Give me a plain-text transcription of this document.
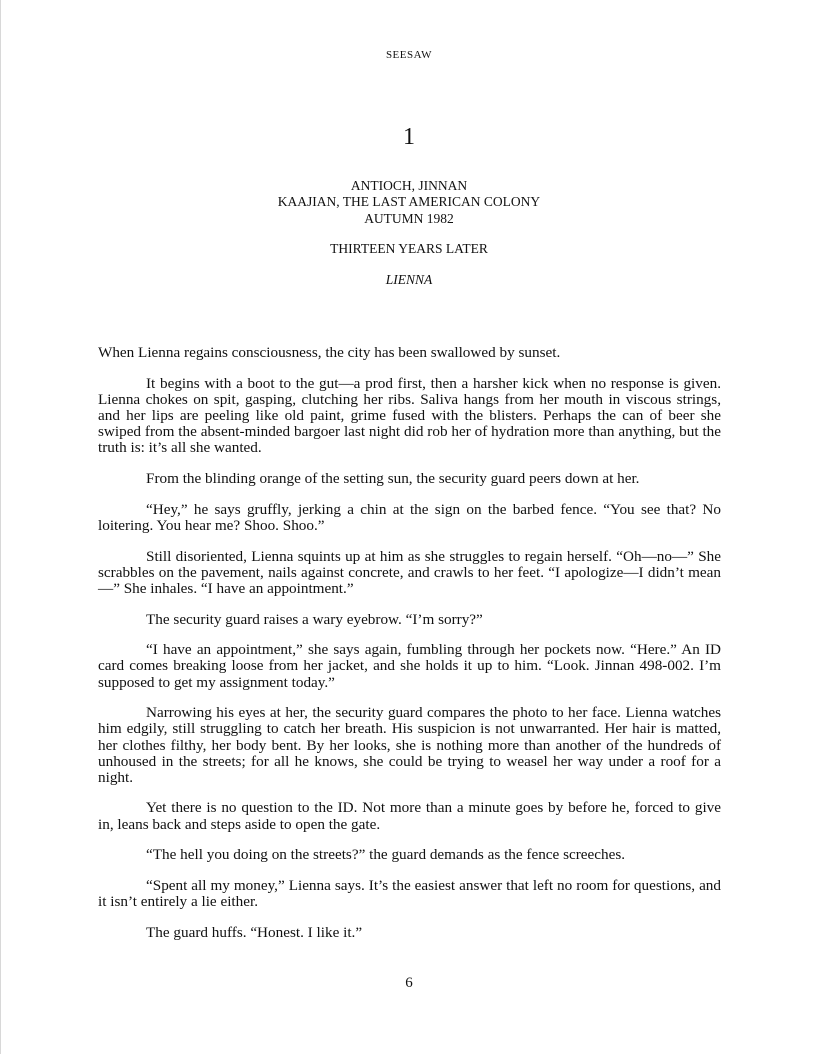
SEESAW
1
ANTIOCH, JINNAN
KAAJIAN, THE LAST AMERICAN COLONY
AUTUMN 1982
THIRTEEN YEARS LATER
LIENNA

When Lienna regains consciousness, the city has been swallowed by sunset.

It begins with a boot to the gut—a prod first, then a harsher kick when no response is given. Lienna chokes on spit, gasping, clutching her ribs. Saliva hangs from her mouth in viscous strings, and her lips are peeling like old paint, grime fused with the blisters. Perhaps the can of beer she swiped from the absent-minded bargoer last night did rob her of hydration more than anything, but the truth is: it’s all she wanted.

From the blinding orange of the setting sun, the security guard peers down at her.

“Hey,” he says gruffly, jerking a chin at the sign on the barbed fence. “You see that? No loitering. You hear me? Shoo. Shoo.”

Still disoriented, Lienna squints up at him as she struggles to regain herself. “Oh—no—” She scrabbles on the pavement, nails against concrete, and crawls to her feet. “I apologize—I didn’t mean—” She inhales. “I have an appointment.”

The security guard raises a wary eyebrow. “I’m sorry?”

“I have an appointment,” she says again, fumbling through her pockets now. “Here.” An ID card comes breaking loose from her jacket, and she holds it up to him. “Look. Jinnan 498-002. I’m supposed to get my assignment today.”

Narrowing his eyes at her, the security guard compares the photo to her face. Lienna watches him edgily, still struggling to catch her breath. His suspicion is not unwarranted. Her hair is matted, her clothes filthy, her body bent. By her looks, she is nothing more than another of the hundreds of unhoused in the streets; for all he knows, she could be trying to weasel her way under a roof for a night.

Yet there is no question to the ID. Not more than a minute goes by before he, forced to give in, leans back and steps aside to open the gate.

“The hell you doing on the streets?” the guard demands as the fence screeches.

“Spent all my money,” Lienna says. It’s the easiest answer that left no room for questions, and it isn’t entirely a lie either.

The guard huffs. “Honest. I like it.”

6
